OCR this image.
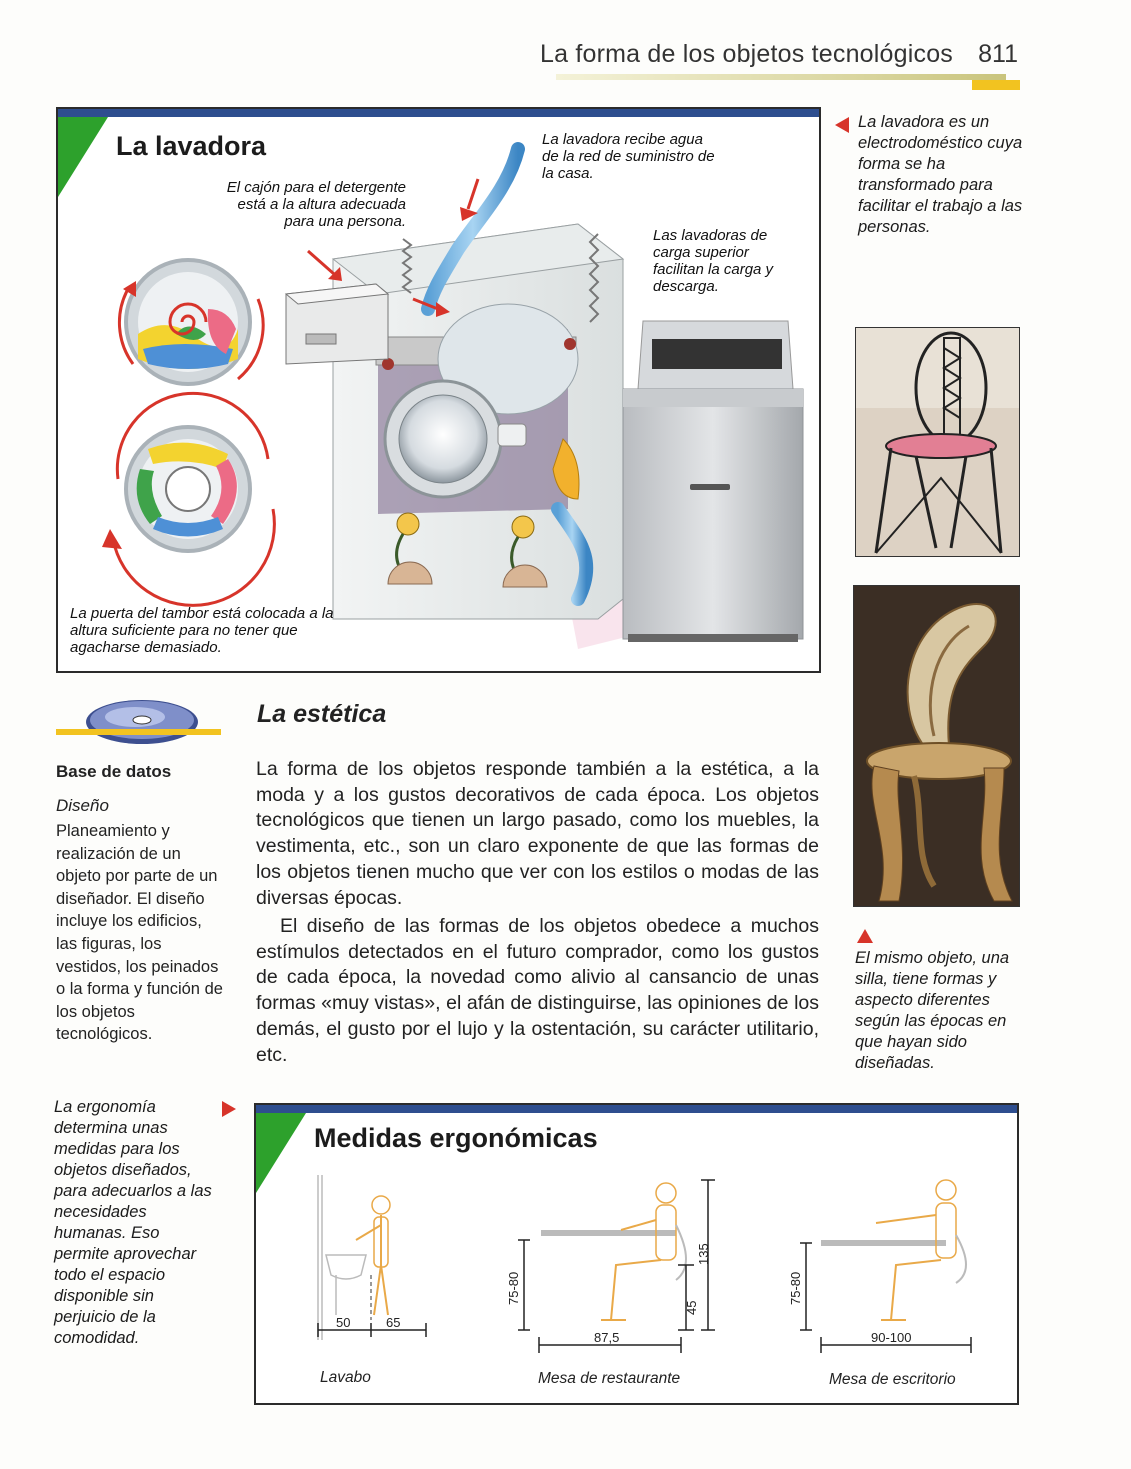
La forma de los objetos tecnológicos 811
La lavadora
El cajón para el detergente está a la altura adecuada para una persona.
La lavadora recibe agua de la red de suministro de la casa.
Las lavadoras de carga superior facilitan la carga y descarga.
La puerta del tambor está colocada a la altura suficiente para no tener que agacharse demasiado.
La lavadora es un electrodoméstico cuya forma se ha transformado para facilitar el trabajo a las personas.
El mismo objeto, una silla, tiene formas y aspecto diferentes según las épocas en que hayan sido diseñadas.
Base de datos
Diseño
Planeamiento y realización de un objeto por parte de un diseñador. El diseño incluye los edificios, las figuras, los vestidos, los peinados o la forma y función de los objetos tecnológicos.
La estética
La forma de los objetos responde también a la estética, a la moda y a los gustos decorativos de cada época. Los objetos tecnológicos que tienen un largo pasado, como los muebles, la vestimenta, etc., son un claro exponente de que las formas de los objetos tienen mucho que ver con los estilos o modas de las diversas épocas.
El diseño de las formas de los objetos obedece a muchos estímulos detectados en el futuro comprador, como los gustos de cada época, la novedad como alivio al cansancio de unas formas «muy vistas», el afán de distinguirse, las opiniones de los demás, el gusto por el lujo y la ostentación, su carácter utilitario, etc.
La ergonomía determina unas medidas para los objetos diseñados, para adecuarlos a las necesidades humanas. Eso permite aprovechar todo el espacio disponible sin perjuicio de la comodidad.
Medidas ergonómicas
50	65
75-80
45
135
87,5
75-80
90-100
Lavabo	Mesa de restaurante	Mesa de escritorio
